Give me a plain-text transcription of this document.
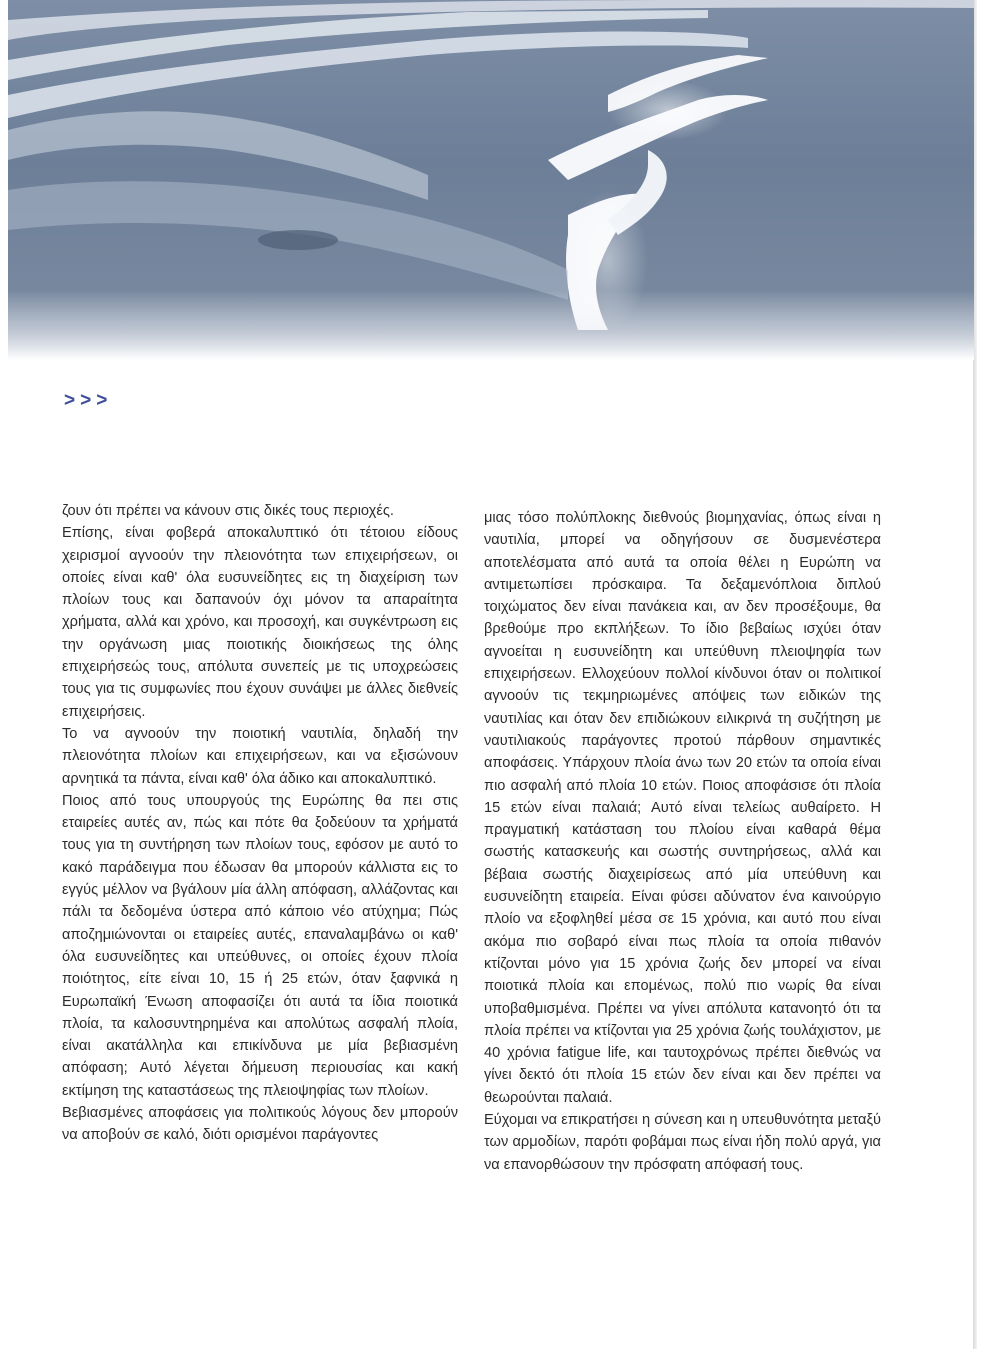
>>>

ζουν ότι πρέπει να κάνουν στις δικές τους περιοχές.

Επίσης, είναι φοβερά αποκαλυπτικό ότι τέτοιου είδους χειρισμοί αγνοούν την πλειονότητα των επιχειρήσεων, οι οποίες είναι καθ' όλα ευσυνείδητες εις τη διαχείριση των πλοίων τους και δαπανούν όχι μόνον τα απαραίτητα χρήματα, αλλά και χρόνο, και προσοχή, και συγκέντρωση εις την οργάνωση μιας ποιοτικής διοικήσεως της όλης επιχειρήσεώς τους, απόλυτα συνεπείς με τις υποχρεώσεις τους για τις συμφωνίες που έχουν συνάψει με άλλες διεθνείς επιχειρήσεις.

Το να αγνοούν την ποιοτική ναυτιλία, δηλαδή την πλειονότητα πλοίων και επιχειρήσεων, και να εξισώνουν αρνητικά τα πάντα, είναι καθ' όλα άδικο και αποκαλυπτικό.

Ποιος από τους υπουργούς της Ευρώπης θα πει στις εταιρείες αυτές αν, πώς και πότε θα ξοδεύουν τα χρήματά τους για τη συντήρηση των πλοίων τους, εφόσον με αυτό το κακό παράδειγμα που έδωσαν θα μπορούν κάλλιστα εις το εγγύς μέλλον να βγάλουν μία άλλη απόφαση, αλλάζοντας και πάλι τα δεδομένα ύστερα από κάποιο νέο ατύχημα; Πώς αποζημιώνονται οι εταιρείες αυτές, επαναλαμβάνω οι καθ' όλα ευσυνείδητες και υπεύθυνες, οι οποίες έχουν πλοία ποιότητος, είτε είναι 10, 15 ή 25 ετών, όταν ξαφνικά η Ευρωπαϊκή Ένωση αποφασίζει ότι αυτά τα ίδια ποιοτικά πλοία, τα καλοσυντηρημένα και απολύτως ασφαλή πλοία, είναι ακατάλληλα και επικίνδυνα με μία βεβιασμένη απόφαση; Αυτό λέγεται δήμευση περιουσίας και κακή εκτίμηση της καταστάσεως της πλειοψηφίας των πλοίων.

Βεβιασμένες αποφάσεις για πολιτικούς λόγους δεν μπορούν να αποβούν σε καλό, διότι ορισμένοι παράγοντες

μιας τόσο πολύπλοκης διεθνούς βιομηχανίας, όπως είναι η ναυτιλία, μπορεί να οδηγήσουν σε δυσμενέστερα αποτελέσματα από αυτά τα οποία θέλει η Ευρώπη να αντιμετωπίσει πρόσκαιρα. Τα δεξαμενόπλοια διπλού τοιχώματος δεν είναι πανάκεια και, αν δεν προσέξουμε, θα βρεθούμε προ εκπλήξεων. Το ίδιο βεβαίως ισχύει όταν αγνοείται η ευσυνείδητη και υπεύθυνη πλειοψηφία των επιχειρήσεων. Ελλοχεύουν πολλοί κίνδυνοι όταν οι πολιτικοί αγνοούν τις τεκμηριωμένες απόψεις των ειδικών της ναυτιλίας και όταν δεν επιδιώκουν ειλικρινά τη συζήτηση με ναυτιλιακούς παράγοντες προτού πάρθουν σημαντικές αποφάσεις. Υπάρχουν πλοία άνω των 20 ετών τα οποία είναι πιο ασφαλή από πλοία 10 ετών. Ποιος αποφάσισε ότι πλοία 15 ετών είναι παλαιά; Αυτό είναι τελείως αυθαίρετο. Η πραγματική κατάσταση του πλοίου είναι καθαρά θέμα σωστής κατασκευής και σωστής συντηρήσεως, αλλά και βέβαια σωστής διαχειρίσεως από μία υπεύθυνη και ευσυνείδητη εταιρεία. Είναι φύσει αδύνατον ένα καινούργιο πλοίο να εξοφληθεί μέσα σε 15 χρόνια, και αυτό που είναι ακόμα πιο σοβαρό είναι πως πλοία τα οποία πιθανόν κτίζονται μόνο για 15 χρόνια ζωής δεν μπορεί να είναι ποιοτικά πλοία και επομένως, πολύ πιο νωρίς θα είναι υποβαθμισμένα. Πρέπει να γίνει απόλυτα κατανοητό ότι τα πλοία πρέπει να κτίζονται για 25 χρόνια ζωής τουλάχιστον, με 40 χρόνια fatigue life, και ταυτοχρόνως πρέπει διεθνώς να γίνει δεκτό ότι πλοία 15 ετών δεν είναι και δεν πρέπει να θεωρούνται παλαιά.

Εύχομαι να επικρατήσει η σύνεση και η υπευθυνότητα μεταξύ των αρμοδίων, παρότι φοβάμαι πως είναι ήδη πολύ αργά, για να επανορθώσουν την πρόσφατη απόφασή τους.
